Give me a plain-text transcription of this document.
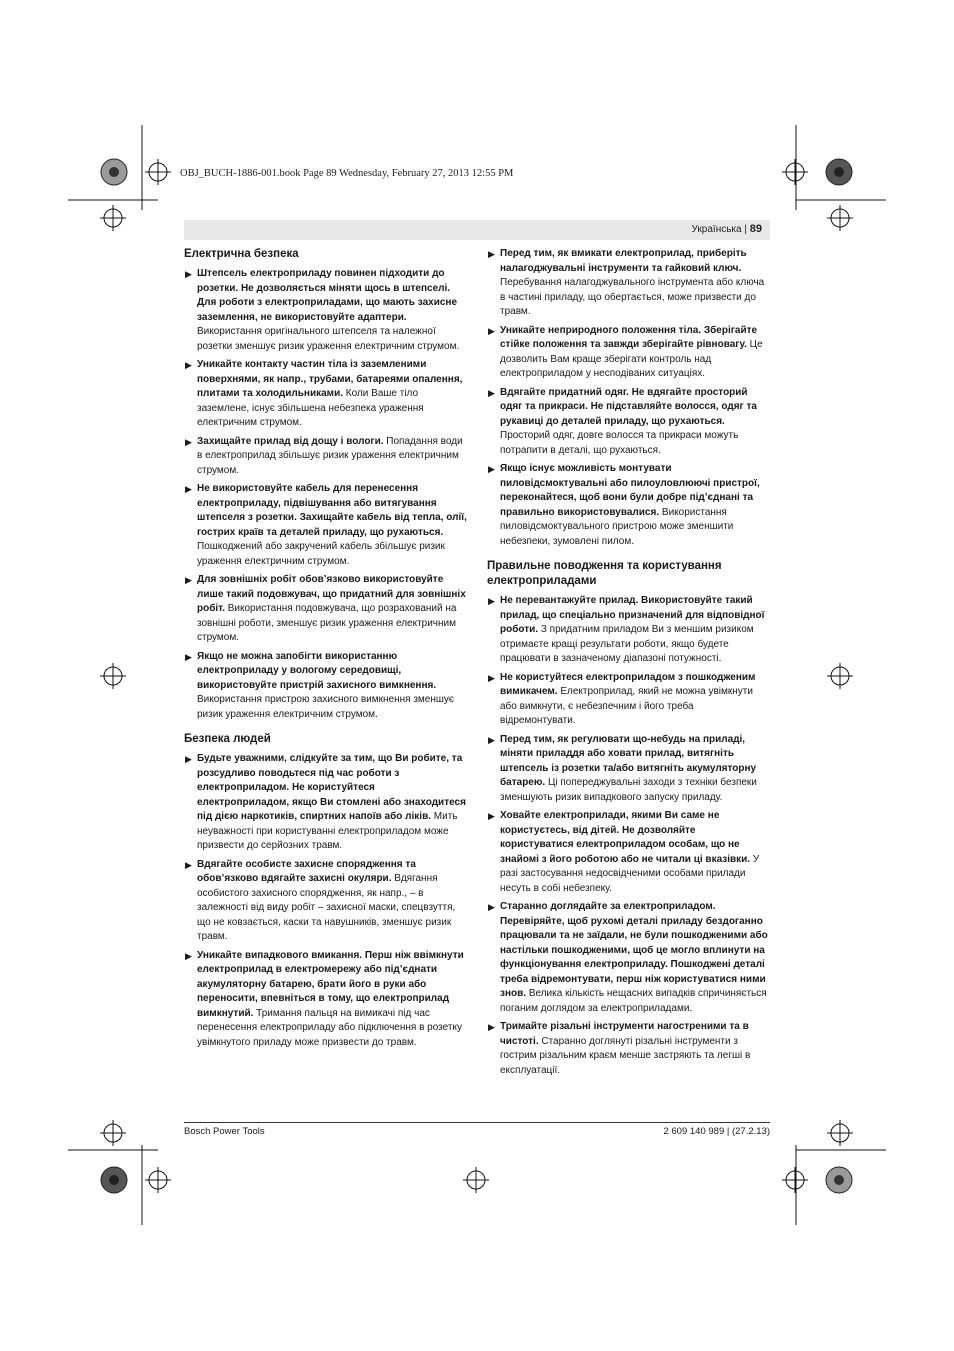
OBJ_BUCH-1886-001.book Page 89 Wednesday, February 27, 2013 12:55 PM
Українська | 89
Електрична безпека
▶ Штепсель електроприладу повинен підходити до розетки. Не дозволяється міняти щось в штепселі. Для роботи з електроприладами, що мають захисне заземлення, не використовуйте адаптери. Використання оригінального штепселя та належної розетки зменшує ризик ураження електричним струмом.
▶ Уникайте контакту частин тіла із заземленими поверхнями, як напр., трубами, батареями опалення, плитами та холодильниками. Коли Ваше тіло заземлене, існує збільшена небезпека ураження електричним струмом.
▶ Захищайте прилад від дощу і вологи. Попадання води в електроприлад збільшує ризик ураження електричним струмом.
▶ Не використовуйте кабель для перенесення електроприладу, підвішування або витягування штепселя з розетки. Захищайте кабель від тепла, олії, гострих країв та деталей приладу, що рухаються. Пошкоджений або закручений кабель збільшує ризик ураження електричним струмом.
▶ Для зовнішніх робіт обов’язково використовуйте лише такий подовжувач, що придатний для зовнішніх робіт. Використання подовжувача, що розрахований на зовнішні роботи, зменшує ризик ураження електричним струмом.
▶ Якщо не можна запобігти використанню електроприладу у вологому середовищі, використовуйте пристрій захисного вимкнення. Використання пристрою захисного вимкнення зменшує ризик ураження електричним струмом.
Безпека людей
▶ Будьте уважними, слідкуйте за тим, що Ви робите, та розсудливо поводьтеся під час роботи з електроприладом. Не користуйтеся електроприладом, якщо Ви стомлені або знаходитеся під дією наркотиків, спиртних напоїв або ліків. Мить неуважності при користуванні електроприладом може призвести до серйозних травм.
▶ Вдягайте особисте захисне спорядження та обов’язково вдягайте захисні окуляри. Вдягання особистого захисного спорядження, як напр., – в залежності від виду робіт – захисної маски, спецвзуття, що не ковзається, каски та навушників, зменшує ризик травм.
▶ Уникайте випадкового вмикання. Перш ніж ввімкнути електроприлад в електромережу або під’єднати акумуляторну батарею, брати його в руки або переносити, впевніться в тому, що електроприлад вимкнутий. Тримання пальця на вимикачі під час перенесення електроприладу або підключення в розетку увімкнутого приладу може призвести до травм.
▶ Перед тим, як вмикати електроприлад, приберіть налагоджувальні інструменти та гайковий ключ. Перебування налагоджувального інструмента або ключа в частині приладу, що обертається, може призвести до травм.
▶ Уникайте неприродного положення тіла. Зберігайте стійке положення та завжди зберігайте рівновагу. Це дозволить Вам краще зберігати контроль над електроприладом у несподіваних ситуаціях.
▶ Вдягайте придатний одяг. Не вдягайте просторий одяг та прикраси. Не підставляйте волосся, одяг та рукавиці до деталей приладу, що рухаються. Просторий одяг, довге волосся та прикраси можуть потрапити в деталі, що рухаються.
▶ Якщо існує можливість монтувати пиловідсмоктувальні або пилоуловлюючі пристрої, переконайтеся, щоб вони були добре під’єднані та правильно використовувалися. Використання пиловідсмоктувального пристрою може зменшити небезпеки, зумовлені пилом.
Правильне поводження та користування електроприладами
▶ Не перевантажуйте прилад. Використовуйте такий прилад, що спеціально призначений для відповідної роботи. З придатним приладом Ви з меншим ризиком отримаєте кращі результати роботи, якщо будете працювати в зазначеному діапазоні потужності.
▶ Не користуйтеся електроприладом з пошкодженим вимикачем. Електроприлад, який не можна увімкнути або вимкнути, є небезпечним і його треба відремонтувати.
▶ Перед тим, як регулювати що-небудь на приладі, міняти приладдя або ховати прилад, витягніть штепсель із розетки та/або витягніть акумуляторну батарею. Ці попереджувальні заходи з техніки безпеки зменшують ризик випадкового запуску приладу.
▶ Ховайте електроприлади, якими Ви саме не користуєтесь, від дітей. Не дозволяйте користуватися електроприладом особам, що не знайомі з його роботою або не читали ці вказівки. У разі застосування недосвідченими особами прилади несуть в собі небезпеку.
▶ Старанно доглядайте за електроприладом. Перевіряйте, щоб рухомі деталі приладу бездоганно працювали та не заїдали, не були пошкодженими або настільки пошкодженими, щоб це могло вплинути на функціонування електроприладу. Пошкоджені деталі треба відремонтувати, перш ніж користуватися ними знов. Велика кількість нещасних випадків спричиняється поганим доглядом за електроприладами.
▶ Тримайте різальні інструменти нагостреними та в чистоті. Старанно доглянуті різальні інструменти з гострим різальним краєм менше застряють та легші в експлуатації.
Bosch Power Tools	2 609 140 989 | (27.2.13)
